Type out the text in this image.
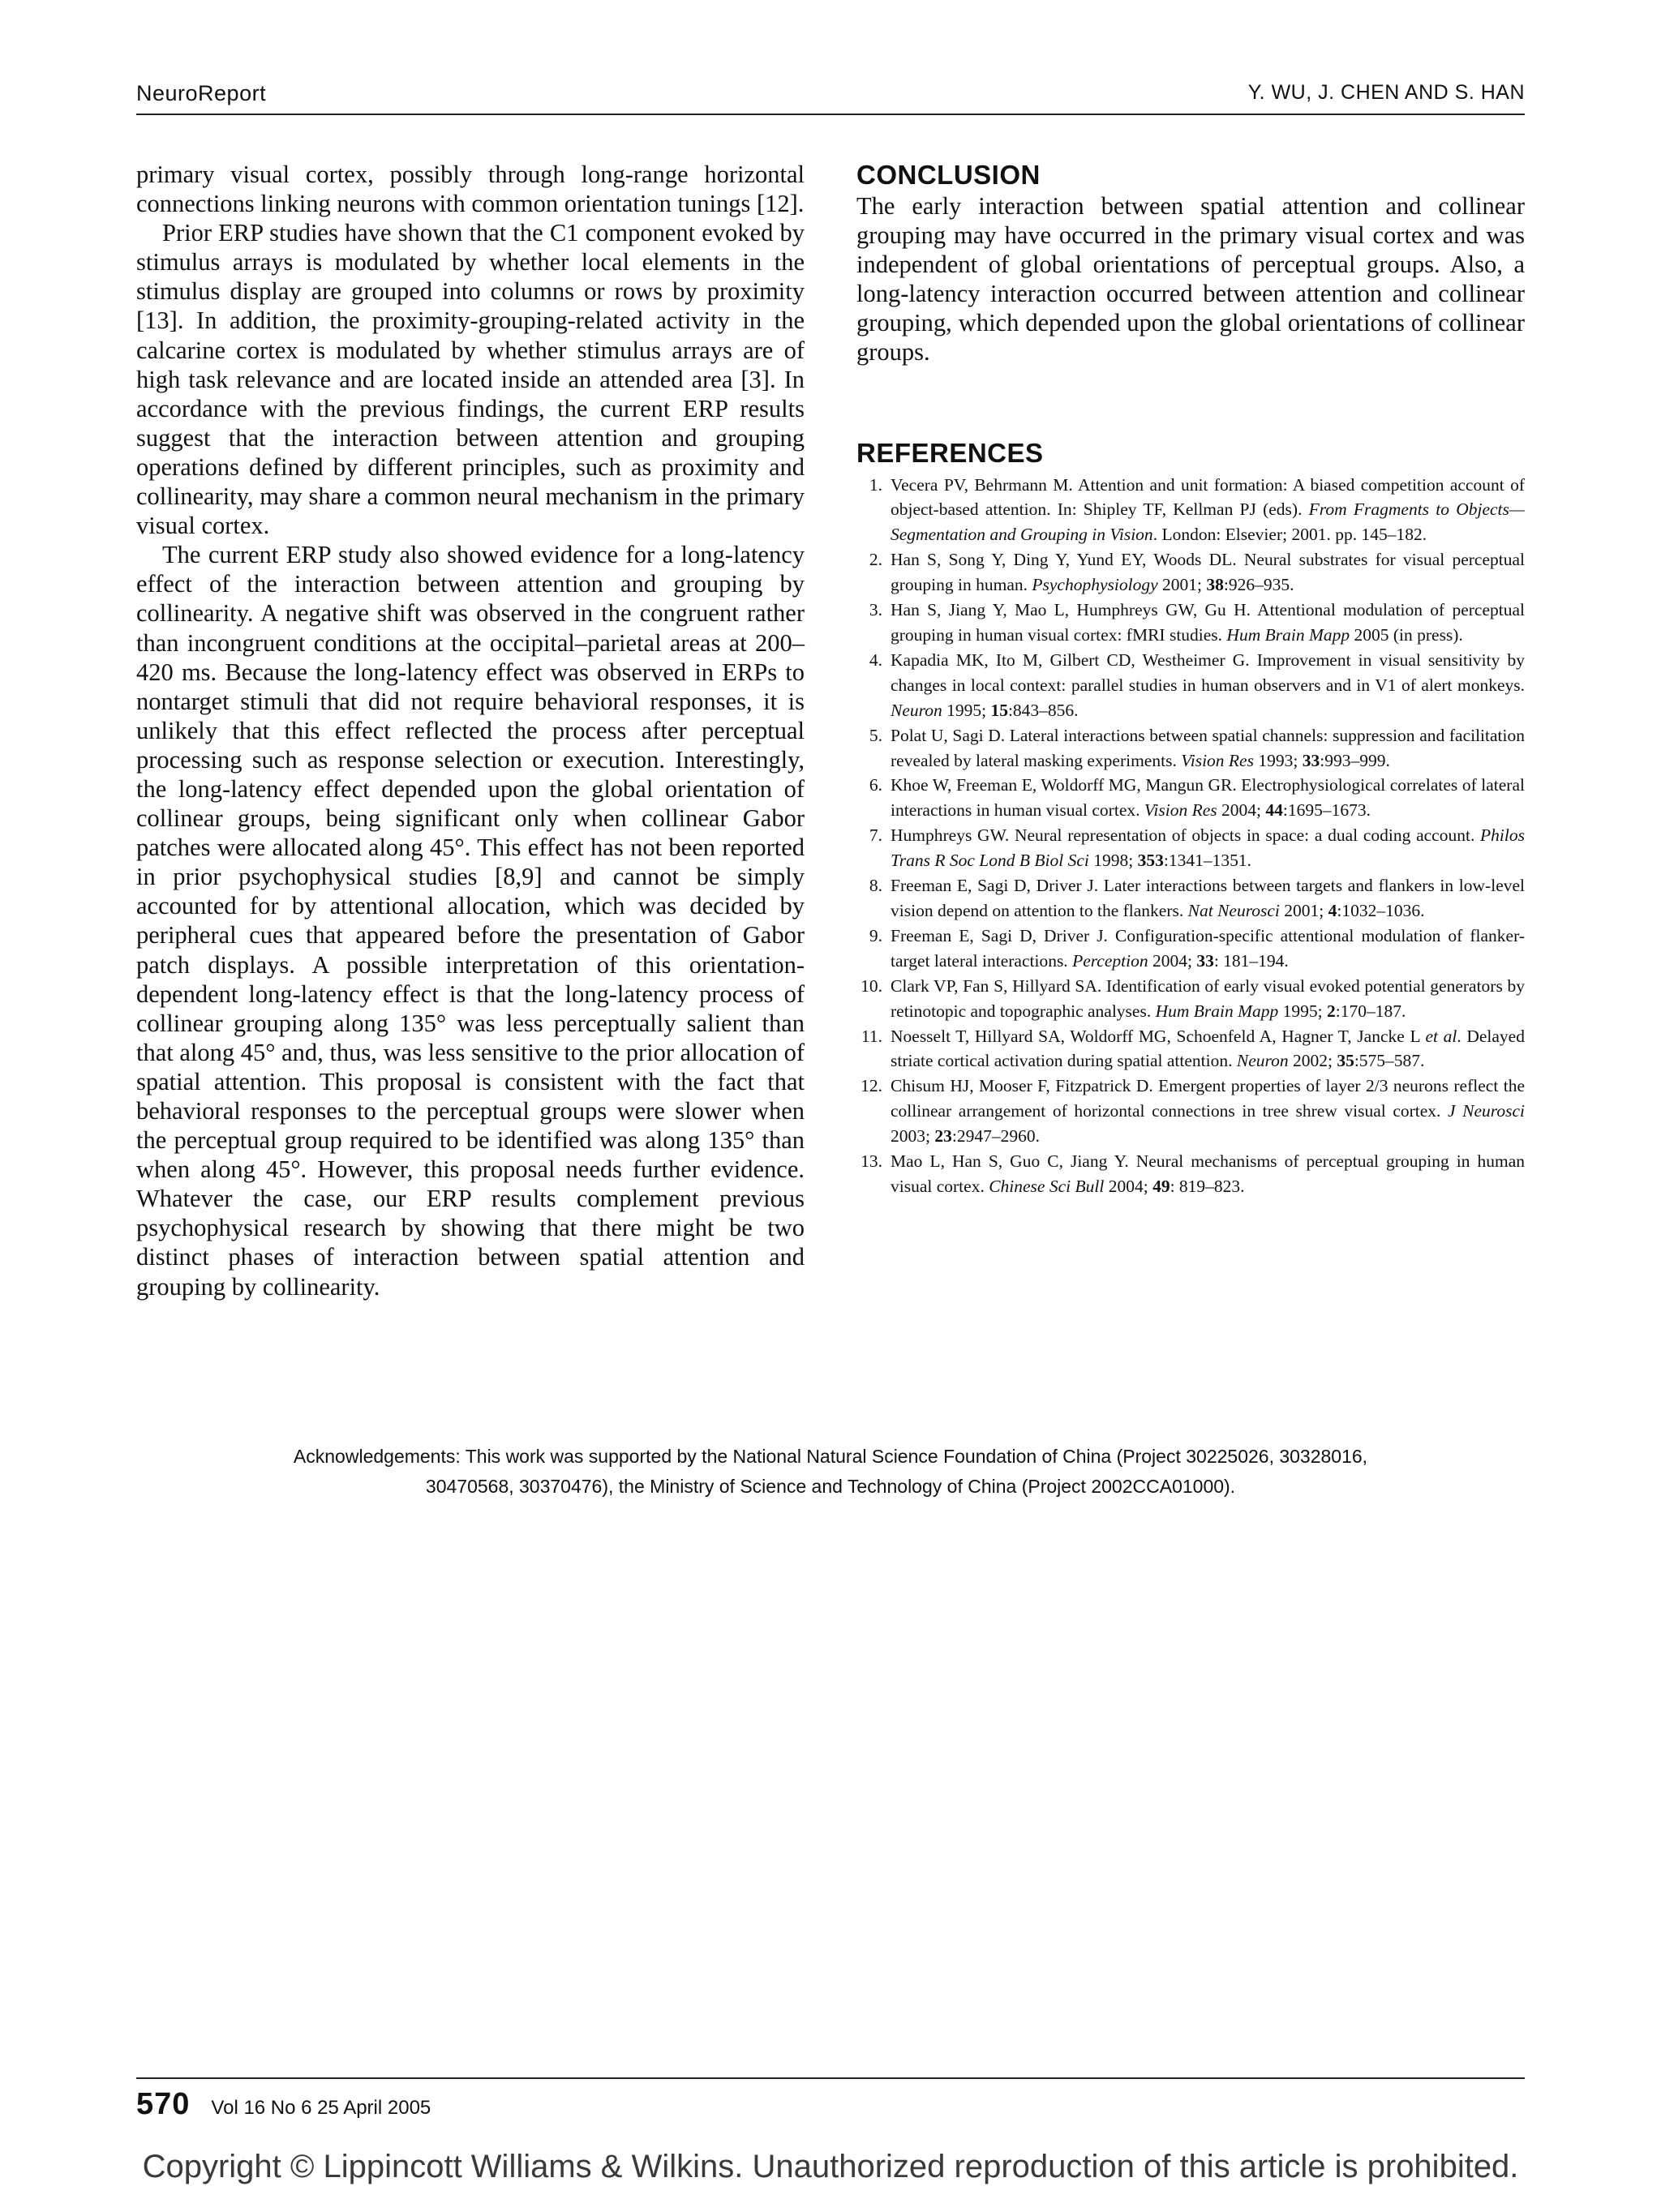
NeuroReport	Y. WU, J. CHEN AND S. HAN

primary visual cortex, possibly through long-range horizontal connections linking neurons with common orientation tunings [12].

Prior ERP studies have shown that the C1 component evoked by stimulus arrays is modulated by whether local elements in the stimulus display are grouped into columns or rows by proximity [13]. In addition, the proximity-grouping-related activity in the calcarine cortex is modulated by whether stimulus arrays are of high task relevance and are located inside an attended area [3]. In accordance with the previous findings, the current ERP results suggest that the interaction between attention and grouping operations defined by different principles, such as proximity and collinearity, may share a common neural mechanism in the primary visual cortex.

The current ERP study also showed evidence for a long-latency effect of the interaction between attention and grouping by collinearity. A negative shift was observed in the congruent rather than incongruent conditions at the occipital–parietal areas at 200–420 ms. Because the long-latency effect was observed in ERPs to nontarget stimuli that did not require behavioral responses, it is unlikely that this effect reflected the process after perceptual processing such as response selection or execution. Interestingly, the long-latency effect depended upon the global orientation of collinear groups, being significant only when collinear Gabor patches were allocated along 45°. This effect has not been reported in prior psychophysical studies [8,9] and cannot be simply accounted for by attentional allocation, which was decided by peripheral cues that appeared before the presentation of Gabor patch displays. A possible interpretation of this orientation-dependent long-latency effect is that the long-latency process of collinear grouping along 135° was less perceptually salient than that along 45° and, thus, was less sensitive to the prior allocation of spatial attention. This proposal is consistent with the fact that behavioral responses to the perceptual groups were slower when the perceptual group required to be identified was along 135° than when along 45°. However, this proposal needs further evidence. Whatever the case, our ERP results complement previous psychophysical research by showing that there might be two distinct phases of interaction between spatial attention and grouping by collinearity.

CONCLUSION

The early interaction between spatial attention and collinear grouping may have occurred in the primary visual cortex and was independent of global orientations of perceptual groups. Also, a long-latency interaction occurred between attention and collinear grouping, which depended upon the global orientations of collinear groups.

REFERENCES
1. Vecera PV, Behrmann M. Attention and unit formation: A biased competition account of object-based attention. In: Shipley TF, Kellman PJ (eds). From Fragments to Objects—Segmentation and Grouping in Vision. London: Elsevier; 2001. pp. 145–182.
2. Han S, Song Y, Ding Y, Yund EY, Woods DL. Neural substrates for visual perceptual grouping in human. Psychophysiology 2001; 38:926–935.
3. Han S, Jiang Y, Mao L, Humphreys GW, Gu H. Attentional modulation of perceptual grouping in human visual cortex: fMRI studies. Hum Brain Mapp 2005 (in press).
4. Kapadia MK, Ito M, Gilbert CD, Westheimer G. Improvement in visual sensitivity by changes in local context: parallel studies in human observers and in V1 of alert monkeys. Neuron 1995; 15:843–856.
5. Polat U, Sagi D. Lateral interactions between spatial channels: suppression and facilitation revealed by lateral masking experiments. Vision Res 1993; 33:993–999.
6. Khoe W, Freeman E, Woldorff MG, Mangun GR. Electrophysiological correlates of lateral interactions in human visual cortex. Vision Res 2004; 44:1695–1673.
7. Humphreys GW. Neural representation of objects in space: a dual coding account. Philos Trans R Soc Lond B Biol Sci 1998; 353:1341–1351.
8. Freeman E, Sagi D, Driver J. Later interactions between targets and flankers in low-level vision depend on attention to the flankers. Nat Neurosci 2001; 4:1032–1036.
9. Freeman E, Sagi D, Driver J. Configuration-specific attentional modulation of flanker-target lateral interactions. Perception 2004; 33: 181–194.
10. Clark VP, Fan S, Hillyard SA. Identification of early visual evoked potential generators by retinotopic and topographic analyses. Hum Brain Mapp 1995; 2:170–187.
11. Noesselt T, Hillyard SA, Woldorff MG, Schoenfeld A, Hagner T, Jancke L et al. Delayed striate cortical activation during spatial attention. Neuron 2002; 35:575–587.
12. Chisum HJ, Mooser F, Fitzpatrick D. Emergent properties of layer 2/3 neurons reflect the collinear arrangement of horizontal connections in tree shrew visual cortex. J Neurosci 2003; 23:2947–2960.
13. Mao L, Han S, Guo C, Jiang Y. Neural mechanisms of perceptual grouping in human visual cortex. Chinese Sci Bull 2004; 49: 819–823.
Acknowledgements: This work was supported by the National Natural Science Foundation of China (Project 30225026, 30328016,
30470568, 30370476), the Ministry of Science and Technology of China (Project 2002CCA01000).
570 Vol 16 No 6 25 April 2005
Copyright © Lippincott Williams & Wilkins. Unauthorized reproduction of this article is prohibited.
